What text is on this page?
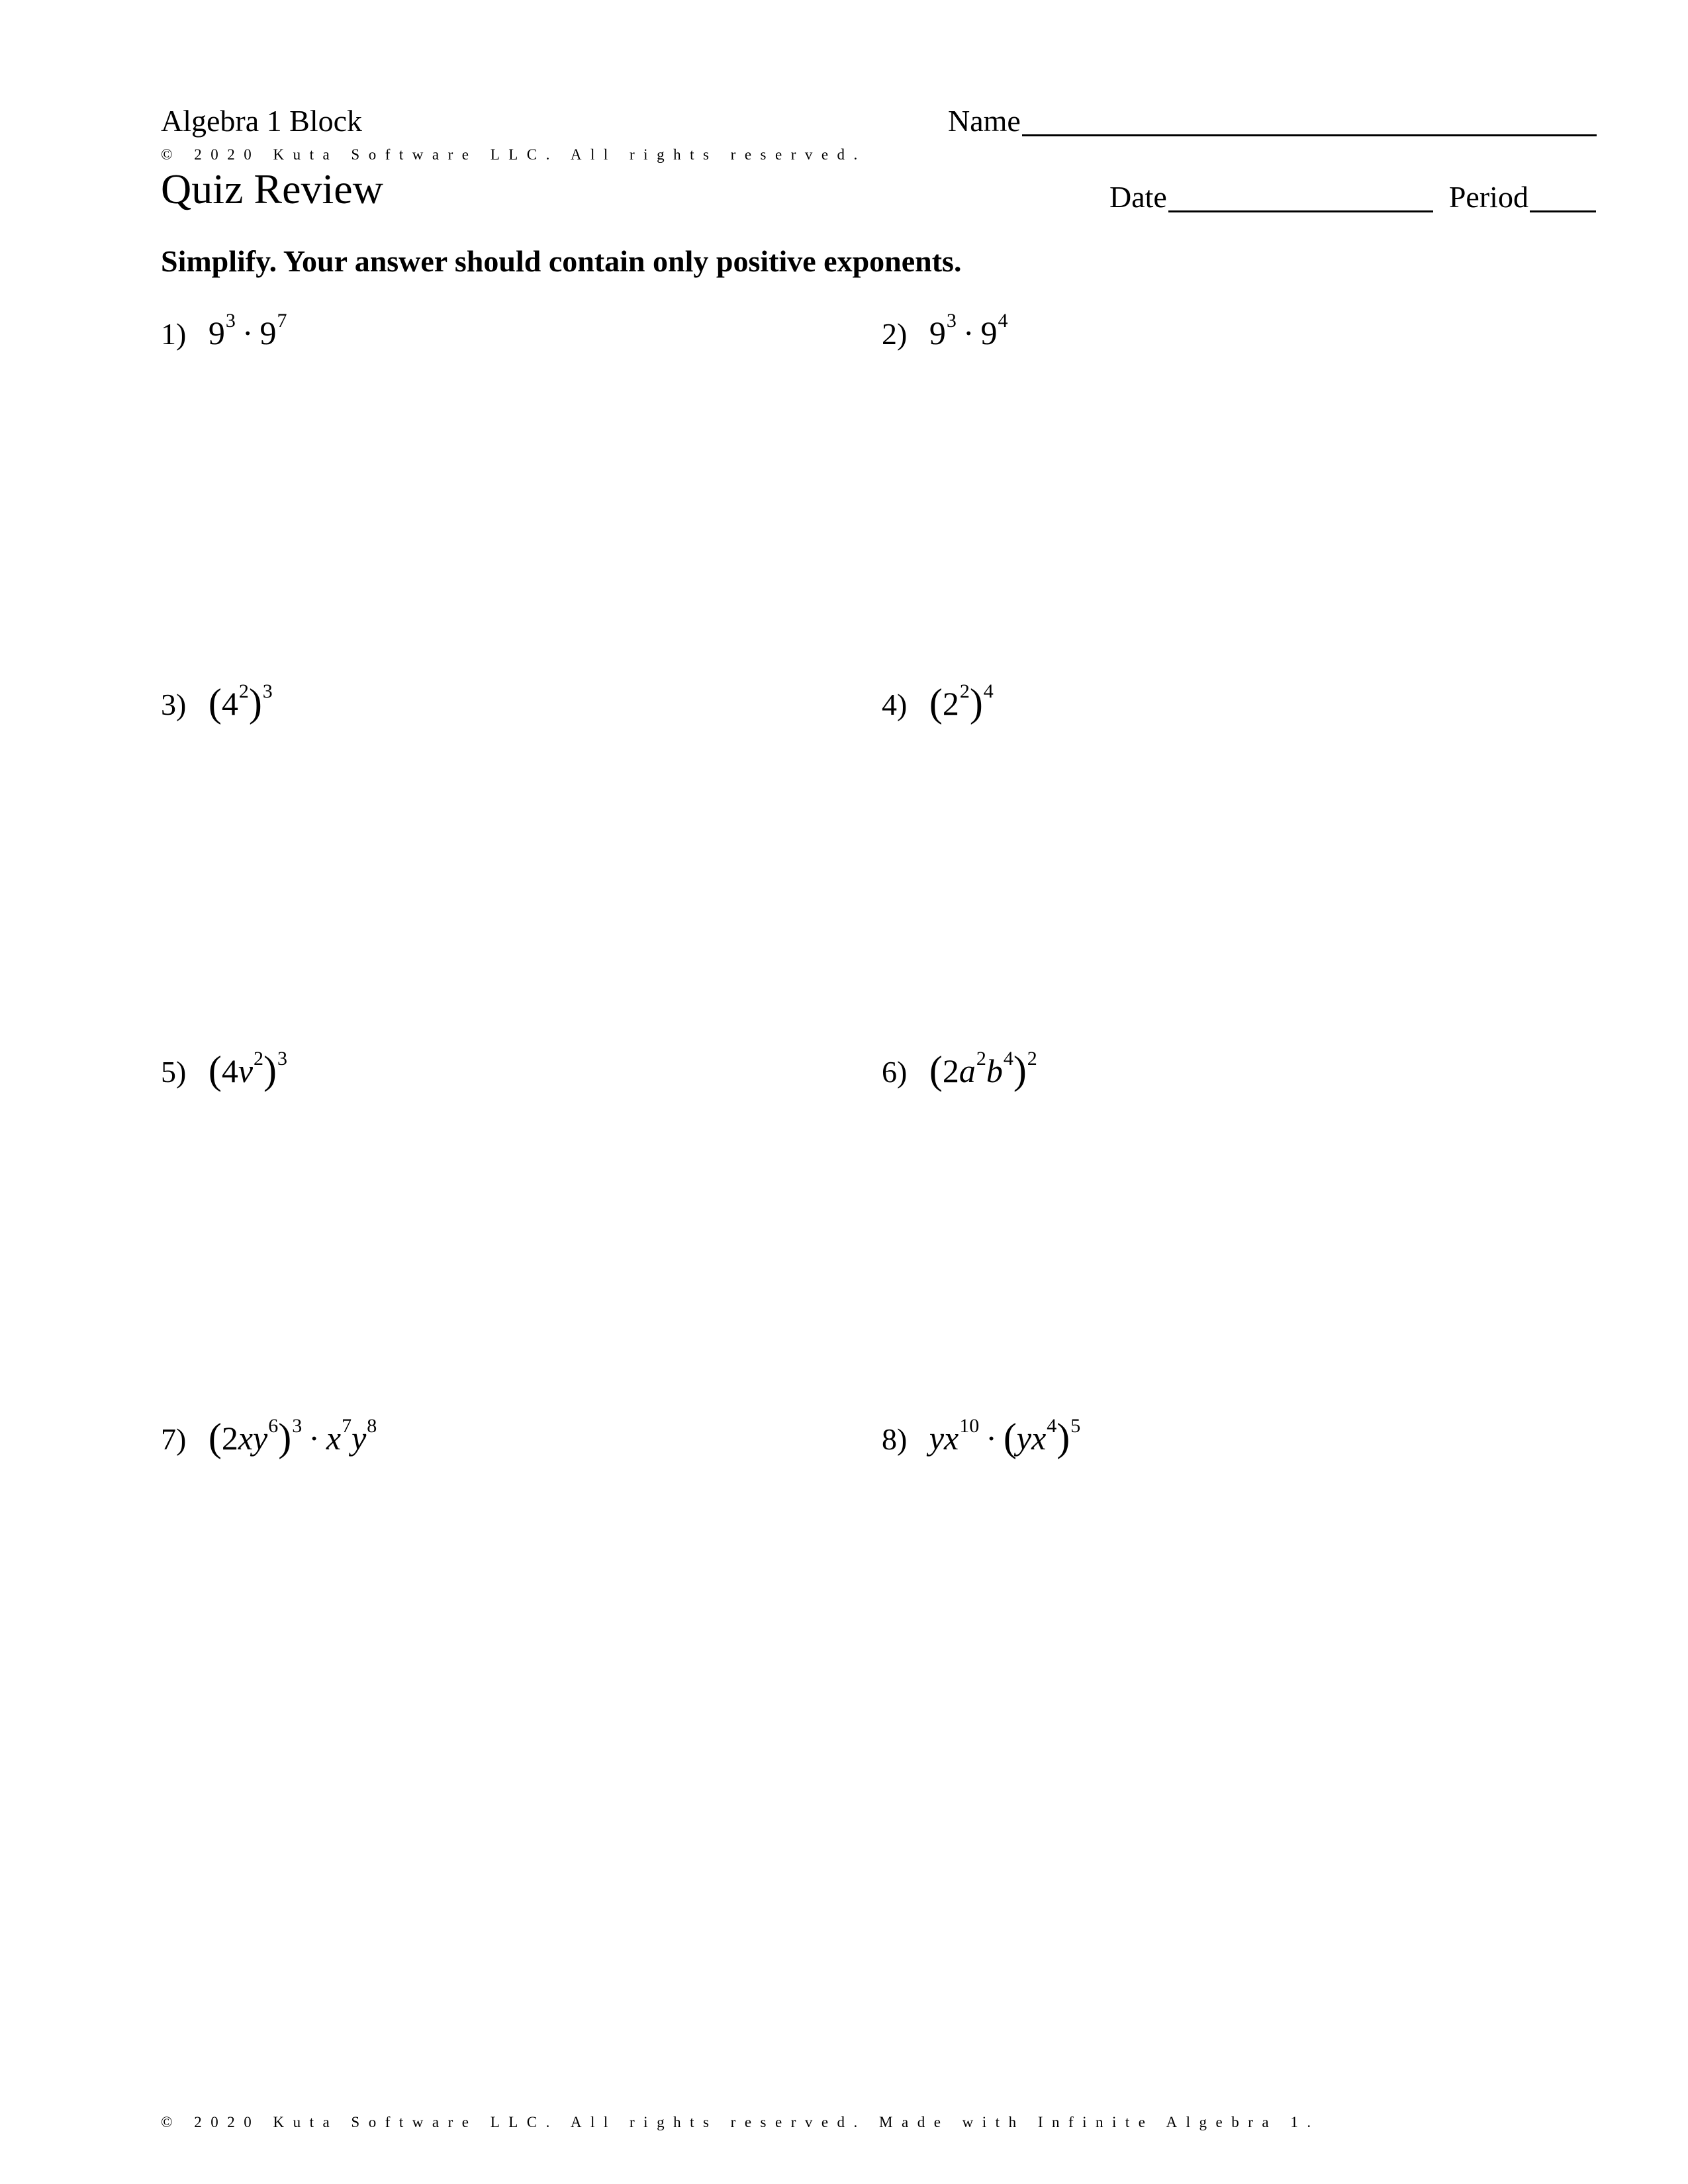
Algebra 1 Block
© 2020 Kuta Software LLC. All rights reserved.
Quiz Review
Name
Date	Period
Simplify. Your answer should contain only positive exponents.
1) $9^3 \cdot 9^7$	2) $9^3 \cdot 9^4$
3) $(4^2)^3$	4) $(2^2)^4$
5) $(4v^2)^3$	6) $(2a^2b^4)^2$
7) $(2xy^6)^3 \cdot x^7y^8$	8) $yx^{10} \cdot (yx^4)^5$
© 2020 Kuta Software LLC. All rights reserved. Made with Infinite Algebra 1.
